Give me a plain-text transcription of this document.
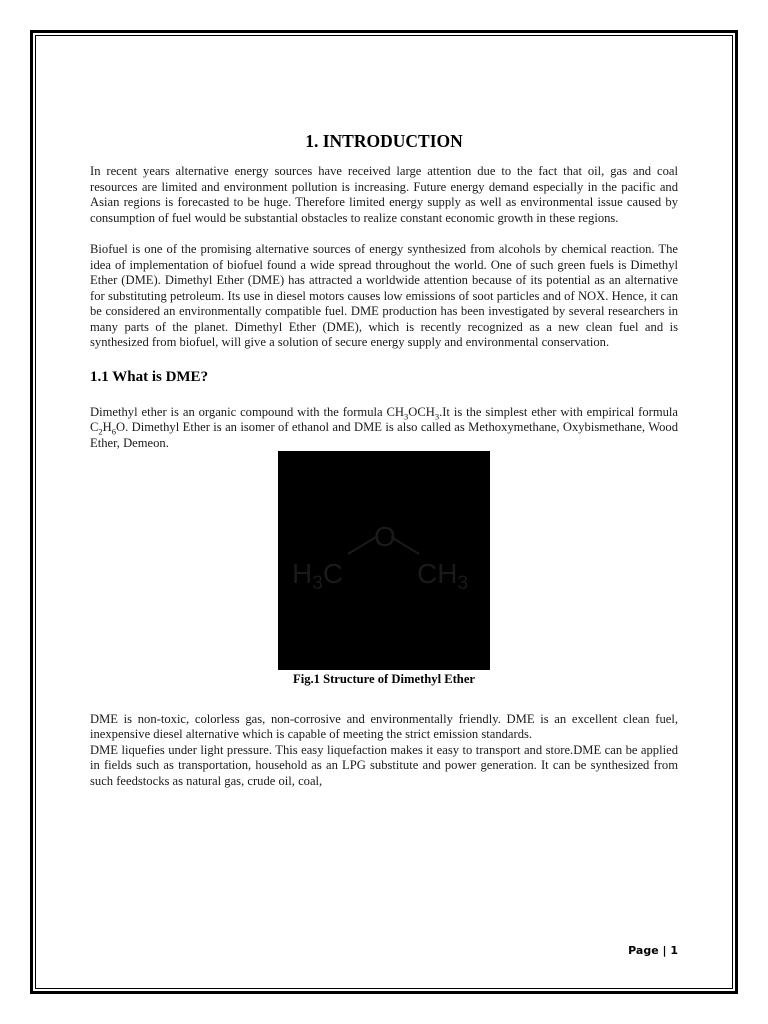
1. INTRODUCTION

In recent years alternative energy sources have received large attention due to the fact that oil, gas and coal resources are limited and environment pollution is increasing. Future energy demand especially in the pacific and Asian regions is forecasted to be huge. Therefore limited energy supply as well as environmental issue caused by consumption of fuel would be substantial obstacles to realize constant economic growth in these regions.

Biofuel is one of the promising alternative sources of energy synthesized from alcohols by chemical reaction. The idea of implementation of biofuel found a wide spread throughout the world. One of such green fuels is Dimethyl Ether (DME). Dimethyl Ether (DME) has attracted a worldwide attention because of its potential as an alternative for substituting petroleum. Its use in diesel motors causes low emissions of soot particles and of NOX. Hence, it can be considered an environmentally compatible fuel. DME production has been investigated by several researchers in many parts of the planet. Dimethyl Ether (DME), which is recently recognized as a new clean fuel and is synthesized from biofuel, will give a solution of secure energy supply and environmental conservation.

1.1 What is DME?

Dimethyl ether is an organic compound with the formula $CH_3OCH_3.It$ is the simplest ether with empirical formula $C_2H_6O$. Dimethyl Ether is an isomer of ethanol and DME is also called as Methoxymethane, Oxybismethane, Wood Ether, Demeon.

$H_3C$
O
$CH_3$
Fig.1 Structure of Dimethyl Ether

DME is non-toxic, colorless gas, non-corrosive and environmentally friendly. DME is an excellent clean fuel, inexpensive diesel alternative which is capable of meeting the strict emission standards.

DME liquefies under light pressure. This easy liquefaction makes it easy to transport and store.DME can be applied in fields such as transportation, household as an LPG substitute and power generation. It can be synthesized from such feedstocks as natural gas, crude oil, coal,

Page | 1
